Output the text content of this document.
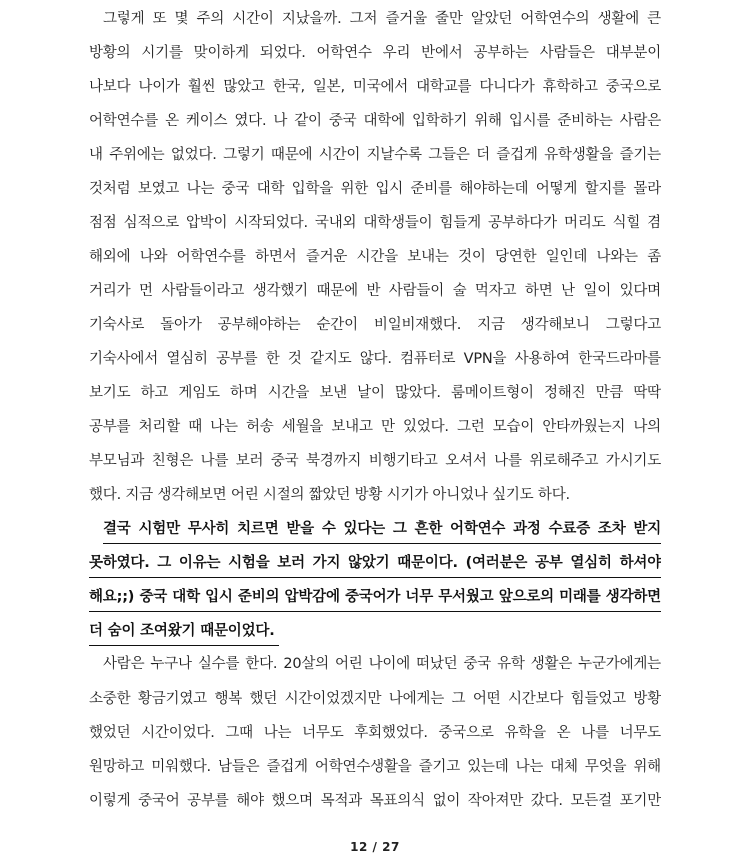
그렇게 또 몇 주의 시간이 지났을까. 그저 즐거울 줄만 알았던 어학연수의 생활에 큰
방황의 시기를 맞이하게 되었다. 어학연수 우리 반에서 공부하는 사람들은 대부분이
나보다 나이가 훨씬 많았고 한국, 일본, 미국에서 대학교를 다니다가 휴학하고 중국으로
어학연수를 온 케이스 였다. 나 같이 중국 대학에 입학하기 위해 입시를 준비하는 사람은
내 주위에는 없었다. 그렇기 때문에 시간이 지날수록 그들은 더 즐겁게 유학생활을 즐기는
것처럼 보였고 나는 중국 대학 입학을 위한 입시 준비를 해야하는데 어떻게 할지를 몰라
점점 심적으로 압박이 시작되었다. 국내외 대학생들이 힘들게 공부하다가 머리도 식힐 겸
해외에 나와 어학연수를 하면서 즐거운 시간을 보내는 것이 당연한 일인데 나와는 좀
거리가 먼 사람들이라고 생각했기 때문에 반 사람들이 술 먹자고 하면 난 일이 있다며
기숙사로 돌아가 공부해야하는 순간이 비일비재했다. 지금 생각해보니 그렇다고
기숙사에서 열심히 공부를 한 것 같지도 않다. 컴퓨터로 VPN을 사용하여 한국드라마를
보기도 하고 게임도 하며 시간을 보낸 날이 많았다. 룸메이트형이 정해진 만큼 딱딱
공부를 처리할 때 나는 허송 세월을 보내고 만 있었다. 그런 모습이 안타까웠는지 나의
부모님과 친형은 나를 보러 중국 북경까지 비행기타고 오셔서 나를 위로해주고 가시기도
했다. 지금 생각해보면 어린 시절의 짧았던 방황 시기가 아니었나 싶기도 하다.
결국 시험만 무사히 치르면 받을 수 있다는 그 흔한 어학연수 과정 수료증 조차 받지
못하였다. 그 이유는 시험을 보러 가지 않았기 때문이다. (여러분은 공부 열심히 하셔야
해요;;) 중국 대학 입시 준비의 압박감에 중국어가 너무 무서웠고 앞으로의 미래를 생각하면
더 숨이 조여왔기 때문이었다.
사람은 누구나 실수를 한다. 20살의 어린 나이에 떠났던 중국 유학 생활은 누군가에게는
소중한 황금기였고 행복 했던 시간이었겠지만 나에게는 그 어떤 시간보다 힘들었고 방황
했었던 시간이었다. 그때 나는 너무도 후회했었다. 중국으로 유학을 온 나를 너무도
원망하고 미워했다. 남들은 즐겁게 어학연수생활을 즐기고 있는데 나는 대체 무엇을 위해
이렇게 중국어 공부를 해야 했으며 목적과 목표의식 없이 작아져만 갔다. 모든걸 포기만
12 / 27
